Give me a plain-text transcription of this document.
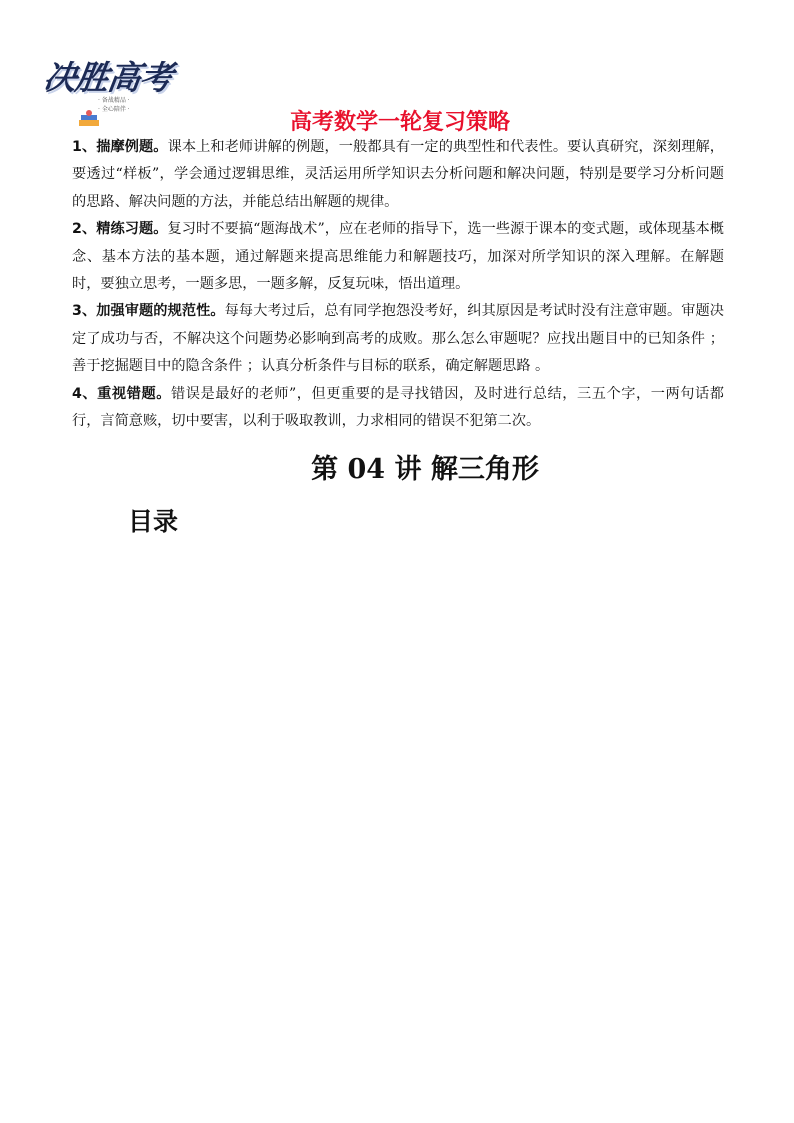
决胜高考
· 备战精品 ·
· 全心陪伴 ·
高考数学一轮复习策略

1、揣摩例题。课本上和老师讲解的例题，一般都具有一定的典型性和代表性。要认真研究，深刻理解，要透过“样板”，学会通过逻辑思维，灵活运用所学知识去分析问题和解决问题，特别是要学习分析问题的思路、解决问题的方法，并能总结出解题的规律。

2、精练习题。复习时不要搞“题海战术”，应在老师的指导下，选一些源于课本的变式题，或体现基本概念、基本方法的基本题，通过解题来提高思维能力和解题技巧，加深对所学知识的深入理解。在解题时，要独立思考，一题多思，一题多解，反复玩味，悟出道理。

3、加强审题的规范性。每每大考过后，总有同学抱怨没考好，纠其原因是考试时没有注意审题。审题决定了成功与否，不解决这个问题势必影响到高考的成败。那么怎么审题呢？应找出题目中的已知条件 ；善于挖掘题目中的隐含条件 ；认真分析条件与目标的联系，确定解题思路 。

4、重视错题。错误是最好的老师”，但更重要的是寻找错因，及时进行总结，三五个字，一两句话都行，言简意赅，切中要害，以利于吸取教训，力求相同的错误不犯第二次。

第 04 讲 解三角形
目录
